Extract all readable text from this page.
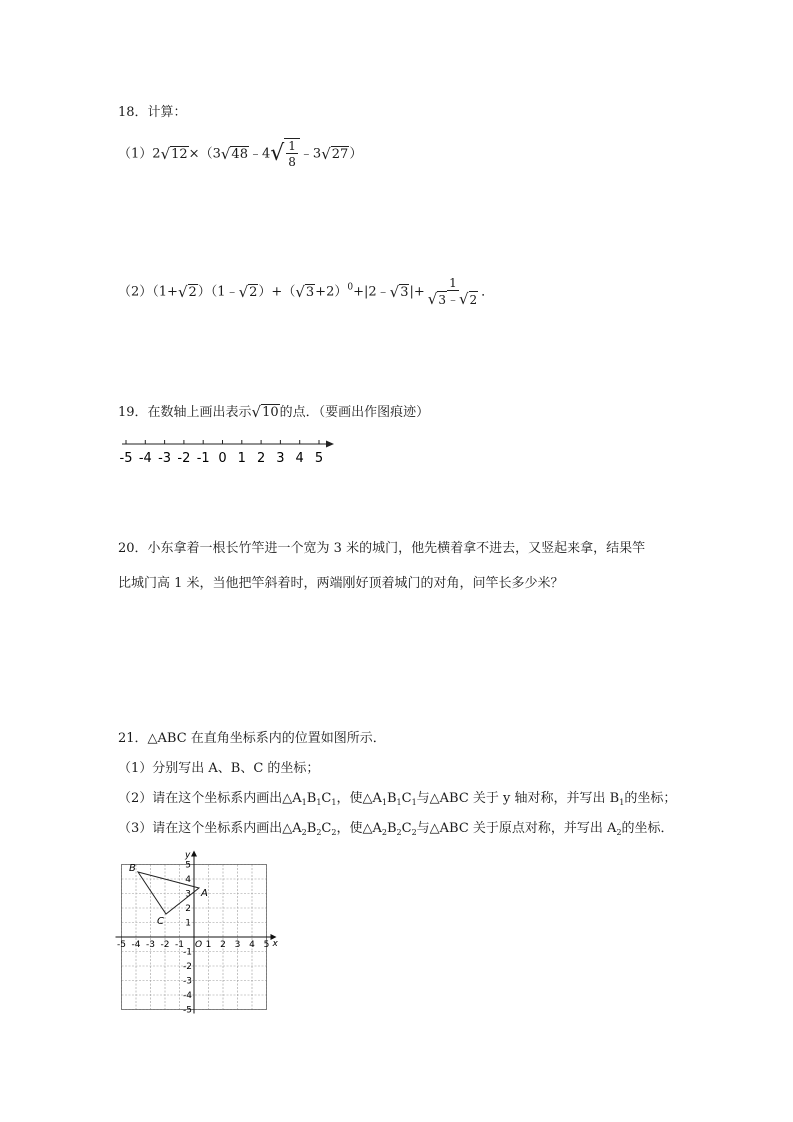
18．计算：
（1）2 √ 12 ×（3 √ 48 ﹣4 √ $\frac{1}{8}$ ﹣3 √ 27 ）
（2）（1+ √ 2 ）（1﹣ √ 2 ）+（ √ 3 +2）$^0$+|2﹣ √ 3 |+ $\frac{1}{√ 3 ﹣ √ 2}$ ．
19．在数轴上画出表示 √ 10 的点．（要画出作图痕迹）
-5 -4 -3 -2 -1 0 1 2 3 4 5
20．小东拿着一根长竹竿进一个宽为 3 米的城门，他先横着拿不进去，又竖起来拿，结果竿
比城门高 1 米，当他把竿斜着时，两端刚好顶着城门的对角，问竿长多少米？
21．△ABC 在直角坐标系内的位置如图所示．
（1）分别写出 A、B、C 的坐标；
（2）请在这个坐标系内画出$\triangle A_1B_1C_1$，使$\triangle A_1B_1C_1$与△ABC 关于 y 轴对称，并写出 $B_1$的坐标；
（3）请在这个坐标系内画出$\triangle A_2B_2C_2$，使$\triangle A_2B_2C_2$与△ABC 关于原点对称，并写出 $A_2$的坐标．
-5 -4 -3 -2 -1 1 2 3 4 5
5
4
3
2
1
-1
-2
-3
-4
-5
O	x
y
B
A
C
